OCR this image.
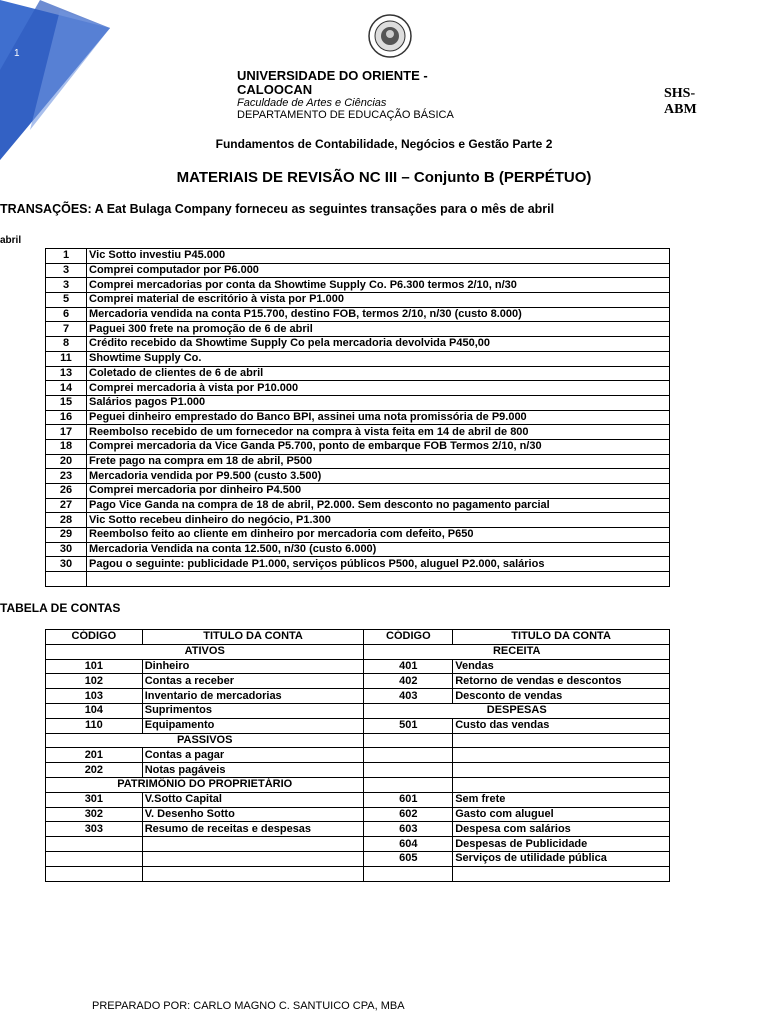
1
UNIVERSIDADE DO ORIENTE - CALOOCAN
Faculdade de Artes e Ciências
DEPARTAMENTO DE EDUCAÇÃO BÁSICA
SHS-
ABM
Fundamentos de Contabilidade, Negócios e Gestão Parte 2
MATERIAIS DE REVISÃO NC III – Conjunto B (PERPÉTUO)
TRANSAÇÕES: A Eat Bulaga Company forneceu as seguintes transações para o mês de abril
abril
1	Vic Sotto investiu P45.000
3	Comprei computador por P6.000
3	Comprei mercadorias por conta da Showtime Supply Co. P6.300 termos 2/10, n/30
5	Comprei material de escritório à vista por P1.000
6	Mercadoria vendida na conta P15.700, destino FOB, termos 2/10, n/30 (custo 8.000)
7	Paguei 300 frete na promoção de 6 de abril
8	Crédito recebido da Showtime Supply Co pela mercadoria devolvida P450,00
11	Showtime Supply Co.
13	Coletado de clientes de 6 de abril
14	Comprei mercadoria à vista por P10.000
15	Salários pagos P1.000
16	Peguei dinheiro emprestado do Banco BPI, assinei uma nota promissória de P9.000
17	Reembolso recebido de um fornecedor na compra à vista feita em 14 de abril de 800
18	Comprei mercadoria da Vice Ganda P5.700, ponto de embarque FOB Termos 2/10, n/30
20	Frete pago na compra em 18 de abril, P500
23	Mercadoria vendida por P9.500 (custo 3.500)
26	Comprei mercadoria por dinheiro P4.500
27	Pago Vice Ganda na compra de 18 de abril, P2.000. Sem desconto no pagamento parcial
28	Vic Sotto recebeu dinheiro do negócio, P1.300
29	Reembolso feito ao cliente em dinheiro por mercadoria com defeito, P650
30	Mercadoria Vendida na conta 12.500, n/30 (custo 6.000)
30	Pagou o seguinte: publicidade P1.000, serviços públicos P500, aluguel P2.000, salários

TABELA DE CONTAS
CÓDIGO	TITULO DA CONTA	CÓDIGO	TITULO DA CONTA
ATIVOS		RECEITA	
101	Dinheiro	401	Vendas
102	Contas a receber	402	Retorno de vendas e descontos
103	Inventario de mercadorias	403	Desconto de vendas
104	Suprimentos	DESPESAS	
110	Equipamento	501	Custo das vendas
PASSIVOS			
201	Contas a pagar		
202	Notas pagáveis		
PATRIMÔNIO DO PROPRIETÁRIO			
301	V.Sotto Capital	601	Sem frete
302	V. Desenho Sotto	602	Gasto com aluguel
303	Resumo de receitas e despesas	603	Despesa com salários
		604	Despesas de Publicidade
		605	Serviços de utilidade pública

PREPARADO POR: CARLO MAGNO C. SANTUICO CPA, MBA
